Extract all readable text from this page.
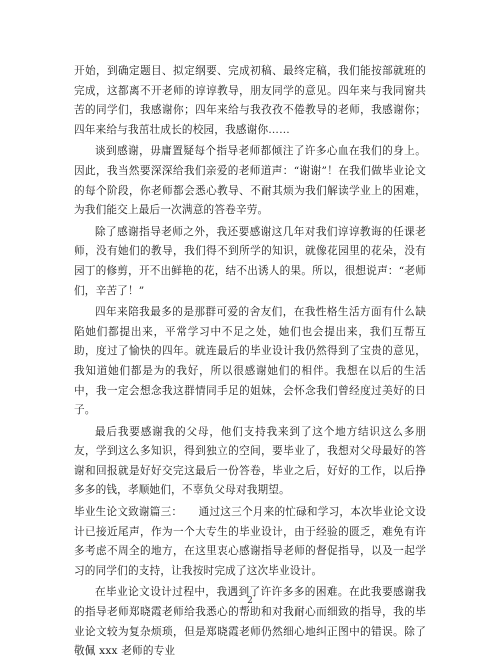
开始，到确定题目、拟定纲要、完成初稿、最终定稿，我们能按部就班的完成，这都离不开老师的谆谆教导，朋友同学的意见。四年来与我同窗共苦的同学们，我感谢你；四年来给与我孜孜不倦教导的老师，我感谢你；四年来给与我茁壮成长的校园，我感谢你……

谈到感谢，毋庸置疑每个指导老师都倾注了许多心血在我们的身上。因此，我当然要深深给我们亲爱的老师道声：“谢谢”！在我们做毕业论文的每个阶段，你老师都会悉心教导、不耐其烦为我们解读学业上的困难，为我们能交上最后一次满意的答卷辛劳。

除了感谢指导老师之外，我还要感谢这几年对我们谆谆教诲的任课老师，没有她们的教导，我们得不到所学的知识，就像花园里的花朵，没有园丁的修剪，开不出鲜艳的花，结不出诱人的果。所以，很想说声：“老师们，辛苦了！”

四年来陪我最多的是那群可爱的舍友们，在我性格生活方面有什么缺陷她们都提出来，平常学习中不足之处，她们也会提出来，我们互帮互助，度过了愉快的四年。就连最后的毕业设计我仍然得到了宝贵的意见，我知道她们都是为的我好，所以很感谢她们的相伴。我想在以后的生活中，我一定会想念我这群情同手足的姐妹，会怀念我们曾经度过美好的日子。

最后我要感谢我的父母，他们支持我来到了这个地方结识这么多朋友，学到这么多知识，得到独立的空间，要毕业了，我想对父母最好的答谢和回报就是好好交完这最后一份答卷，毕业之后，好好的工作，以后挣多多的钱，孝顺她们，不辜负父母对我期望。

毕业生论文致谢篇三：　　通过这三个月来的忙碌和学习，本次毕业论文设计已接近尾声，作为一个大专生的毕业设计，由于经验的匮乏，难免有许多考虑不周全的地方，在这里衷心感谢指导老师的督促指导，以及一起学习的同学们的支持，让我按时完成了这次毕业设计。

在毕业论文设计过程中，我遇到了许许多多的困难。在此我要感谢我的指导老师郑晓霞老师给我悉心的帮助和对我耐心而细致的指导，我的毕业论文较为复杂烦琐，但是郑晓霞老师仍然细心地纠正图中的错误。除了敬佩 xxx 老师的专业

2
